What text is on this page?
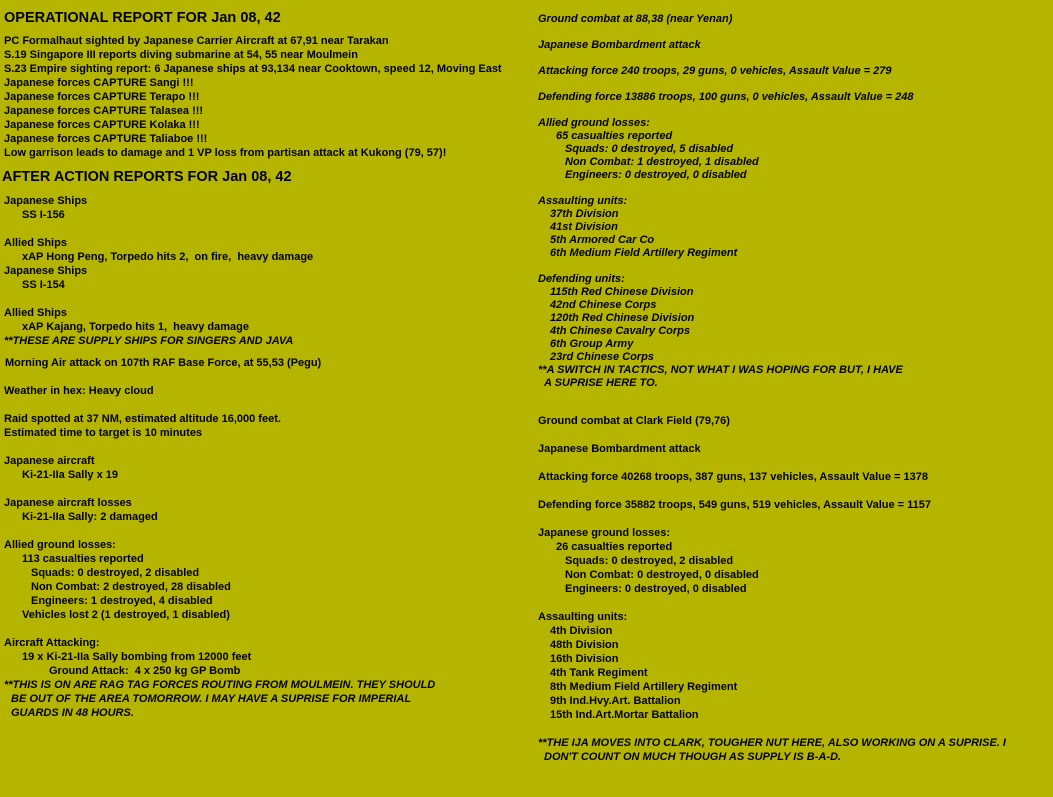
OPERATIONAL REPORT FOR Jan 08, 42
PC Formalhaut sighted by Japanese Carrier Aircraft at 67,91 near Tarakan
S.19 Singapore III reports diving submarine at 54, 55 near Moulmein
S.23 Empire sighting report: 6 Japanese ships at 93,134 near Cooktown, speed 12, Moving East
Japanese forces CAPTURE Sangi !!!
Japanese forces CAPTURE Terapo !!!
Japanese forces CAPTURE Talasea !!!
Japanese forces CAPTURE Kolaka !!!
Japanese forces CAPTURE Taliaboe !!!
Low garrison leads to damage and 1 VP loss from partisan attack at Kukong (79, 57)!
AFTER ACTION REPORTS FOR Jan 08, 42
Japanese Ships
SS I-156
Allied Ships
xAP Hong Peng, Torpedo hits 2,  on fire,  heavy damage
Japanese Ships
SS I-154
Allied Ships
xAP Kajang, Torpedo hits 1,  heavy damage
**THESE ARE SUPPLY SHIPS FOR SINGERS AND JAVA
Morning Air attack on 107th RAF Base Force, at 55,53 (Pegu)
Weather in hex: Heavy cloud
Raid spotted at 37 NM, estimated altitude 16,000 feet.
Estimated time to target is 10 minutes
Japanese aircraft
Ki-21-IIa Sally x 19
Japanese aircraft losses
Ki-21-IIa Sally: 2 damaged
Allied ground losses:
113 casualties reported
Squads: 0 destroyed, 2 disabled
Non Combat: 2 destroyed, 28 disabled
Engineers: 1 destroyed, 4 disabled
Vehicles lost 2 (1 destroyed, 1 disabled)
Aircraft Attacking:
19 x Ki-21-IIa Sally bombing from 12000 feet
Ground Attack:  4 x 250 kg GP Bomb
**THIS IS ON ARE RAG TAG FORCES ROUTING FROM MOULMEIN. THEY SHOULD
BE OUT OF THE AREA TOMORROW. I MAY HAVE A SUPRISE FOR IMPERIAL
GUARDS IN 48 HOURS.
Ground combat at 88,38 (near Yenan)
Japanese Bombardment attack
Attacking force 240 troops, 29 guns, 0 vehicles, Assault Value = 279
Defending force 13886 troops, 100 guns, 0 vehicles, Assault Value = 248
Allied ground losses:
65 casualties reported
Squads: 0 destroyed, 5 disabled
Non Combat: 1 destroyed, 1 disabled
Engineers: 0 destroyed, 0 disabled
Assaulting units:
37th Division
41st Division
5th Armored Car Co
6th Medium Field Artillery Regiment
Defending units:
115th Red Chinese Division
42nd Chinese Corps
120th Red Chinese Division
4th Chinese Cavalry Corps
6th Group Army
23rd Chinese Corps
**A SWITCH IN TACTICS, NOT WHAT I WAS HOPING FOR BUT, I HAVE
A SUPRISE HERE TO.
Ground combat at Clark Field (79,76)
Japanese Bombardment attack
Attacking force 40268 troops, 387 guns, 137 vehicles, Assault Value = 1378
Defending force 35882 troops, 549 guns, 519 vehicles, Assault Value = 1157
Japanese ground losses:
26 casualties reported
Squads: 0 destroyed, 2 disabled
Non Combat: 0 destroyed, 0 disabled
Engineers: 0 destroyed, 0 disabled
Assaulting units:
4th Division
48th Division
16th Division
4th Tank Regiment
8th Medium Field Artillery Regiment
9th Ind.Hvy.Art. Battalion
15th Ind.Art.Mortar Battalion
**THE IJA MOVES INTO CLARK, TOUGHER NUT HERE, ALSO WORKING ON A SUPRISE. I
DON'T COUNT ON MUCH THOUGH AS SUPPLY IS B-A-D.
